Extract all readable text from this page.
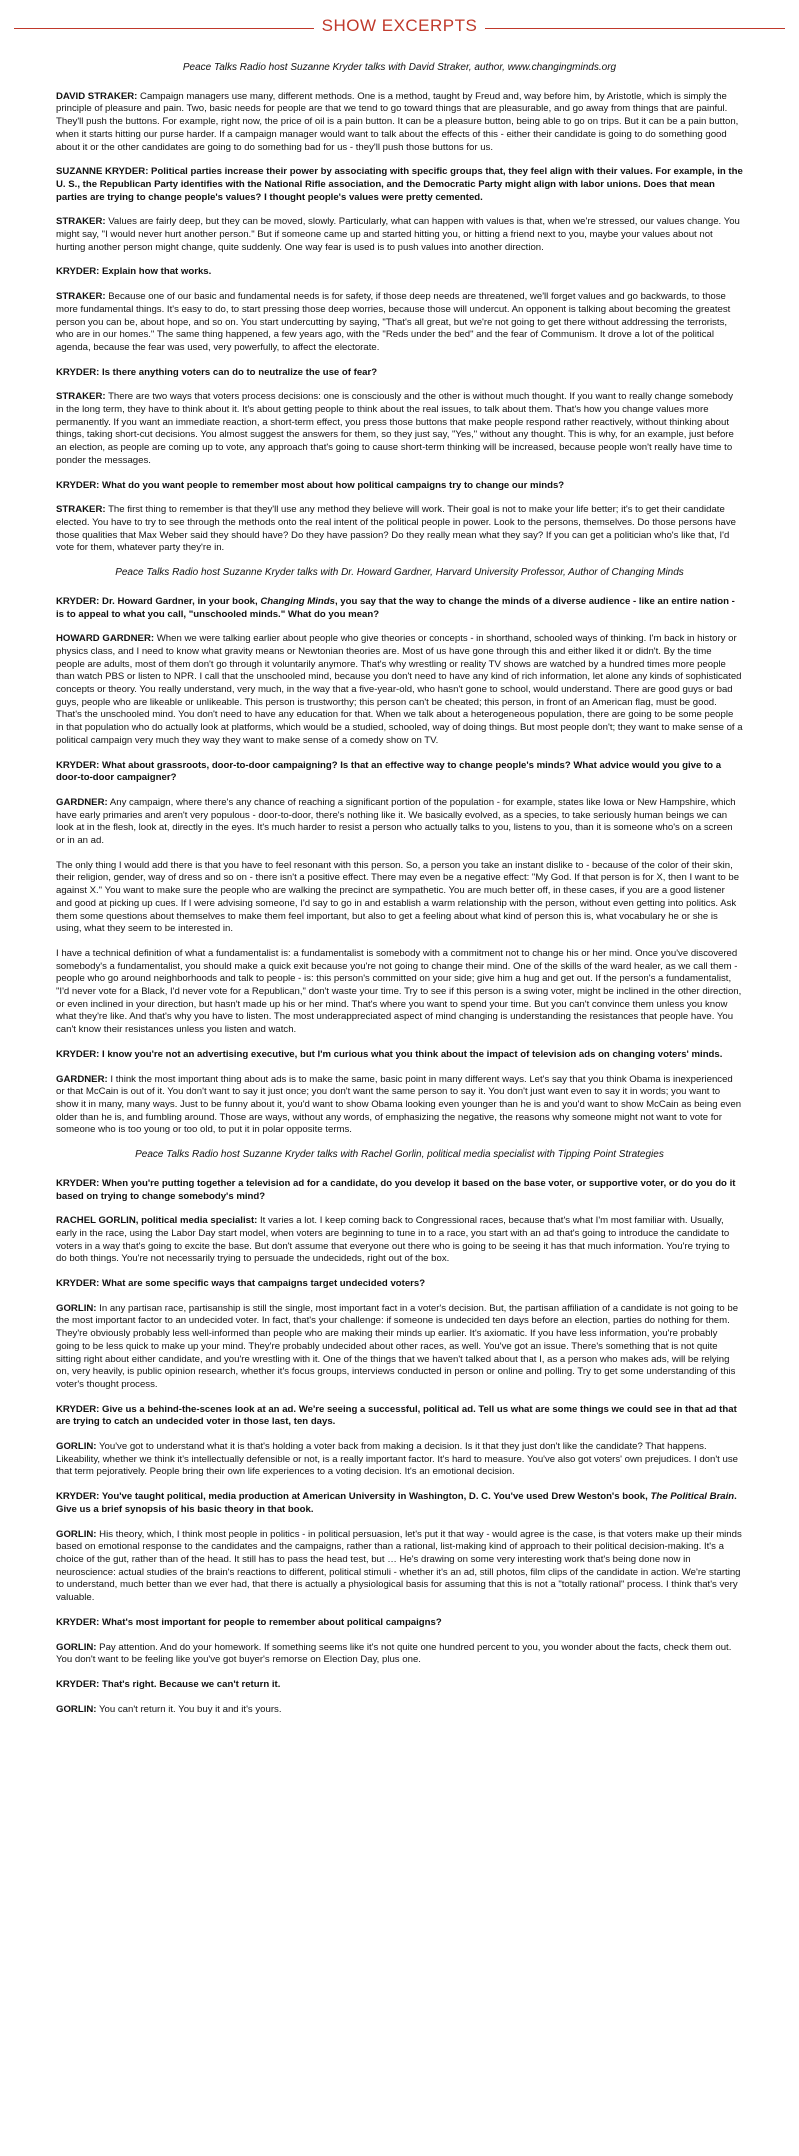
SHOW EXCERPTS
Peace Talks Radio host Suzanne Kryder talks with David Straker, author, www.changingminds.org

DAVID STRAKER: Campaign managers use many, different methods. One is a method, taught by Freud and, way before him, by Aristotle, which is simply the principle of pleasure and pain. Two, basic needs for people are that we tend to go toward things that are pleasurable, and go away from things that are painful. They'll push the buttons. For example, right now, the price of oil is a pain button. It can be a pleasure button, being able to go on trips. But it can be a pain button, when it starts hitting our purse harder. If a campaign manager would want to talk about the effects of this - either their candidate is going to do something good about it or the other candidates are going to do something bad for us - they'll push those buttons for us.

SUZANNE KRYDER: Political parties increase their power by associating with specific groups that, they feel align with their values. For example, in the U. S., the Republican Party identifies with the National Rifle association, and the Democratic Party might align with labor unions. Does that mean parties are trying to change people's values? I thought people's values were pretty cemented.

STRAKER: Values are fairly deep, but they can be moved, slowly. Particularly, what can happen with values is that, when we're stressed, our values change. You might say, "I would never hurt another person." But if someone came up and started hitting you, or hitting a friend next to you, maybe your values about not hurting another person might change, quite suddenly. One way fear is used is to push values into another direction.

KRYDER: Explain how that works.

STRAKER: Because one of our basic and fundamental needs is for safety, if those deep needs are threatened, we'll forget values and go backwards, to those more fundamental things. It's easy to do, to start pressing those deep worries, because those will undercut. An opponent is talking about becoming the greatest person you can be, about hope, and so on. You start undercutting by saying, "That's all great, but we're not going to get there without addressing the terrorists, who are in our homes." The same thing happened, a few years ago, with the "Reds under the bed" and the fear of Communism. It drove a lot of the political agenda, because the fear was used, very powerfully, to affect the electorate.

KRYDER: Is there anything voters can do to neutralize the use of fear?

STRAKER: There are two ways that voters process decisions: one is consciously and the other is without much thought. If you want to really change somebody in the long term, they have to think about it. It's about getting people to think about the real issues, to talk about them. That's how you change values more permanently. If you want an immediate reaction, a short-term effect, you press those buttons that make people respond rather reactively, without thinking about things, taking short-cut decisions. You almost suggest the answers for them, so they just say, "Yes," without any thought. This is why, for an example, just before an election, as people are coming up to vote, any approach that's going to cause short-term thinking will be increased, because people won't really have time to ponder the messages.

KRYDER: What do you want people to remember most about how political campaigns try to change our minds?

STRAKER: The first thing to remember is that they'll use any method they believe will work. Their goal is not to make your life better; it's to get their candidate elected. You have to try to see through the methods onto the real intent of the political people in power. Look to the persons, themselves. Do those persons have those qualities that Max Weber said they should have? Do they have passion? Do they really mean what they say? If you can get a politician who's like that, I'd vote for them, whatever party they're in.

Peace Talks Radio host Suzanne Kryder talks with Dr. Howard Gardner, Harvard University Professor, Author of Changing Minds

KRYDER: Dr. Howard Gardner, in your book, Changing Minds, you say that the way to change the minds of a diverse audience - like an entire nation - is to appeal to what you call, "unschooled minds." What do you mean?

HOWARD GARDNER: When we were talking earlier about people who give theories or concepts - in shorthand, schooled ways of thinking. I'm back in history or physics class, and I need to know what gravity means or Newtonian theories are. Most of us have gone through this and either liked it or didn't. By the time people are adults, most of them don't go through it voluntarily anymore. That's why wrestling or reality TV shows are watched by a hundred times more people than watch PBS or listen to NPR. I call that the unschooled mind, because you don't need to have any kind of rich information, let alone any kinds of sophisticated concepts or theory. You really understand, very much, in the way that a five-year-old, who hasn't gone to school, would understand. There are good guys or bad guys, people who are likeable or unlikeable. This person is trustworthy; this person can't be cheated; this person, in front of an American flag, must be good. That's the unschooled mind. You don't need to have any education for that. When we talk about a heterogeneous population, there are going to be some people in that population who do actually look at platforms, which would be a studied, schooled, way of doing things. But most people don't; they want to make sense of a political campaign very much they way they want to make sense of a comedy show on TV.

KRYDER: What about grassroots, door-to-door campaigning? Is that an effective way to change people's minds? What advice would you give to a door-to-door campaigner?

GARDNER: Any campaign, where there's any chance of reaching a significant portion of the population - for example, states like Iowa or New Hampshire, which have early primaries and aren't very populous - door-to-door, there's nothing like it. We basically evolved, as a species, to take seriously human beings we can look at in the flesh, look at, directly in the eyes. It's much harder to resist a person who actually talks to you, listens to you, than it is someone who's on a screen or in an ad.

The only thing I would add there is that you have to feel resonant with this person. So, a person you take an instant dislike to - because of the color of their skin, their religion, gender, way of dress and so on - there isn't a positive effect. There may even be a negative effect: "My God. If that person is for X, then I want to be against X." You want to make sure the people who are walking the precinct are sympathetic. You are much better off, in these cases, if you are a good listener and good at picking up cues. If I were advising someone, I'd say to go in and establish a warm relationship with the person, without even getting into politics. Ask them some questions about themselves to make them feel important, but also to get a feeling about what kind of person this is, what vocabulary he or she is using, what they seem to be interested in.

I have a technical definition of what a fundamentalist is: a fundamentalist is somebody with a commitment not to change his or her mind. Once you've discovered somebody's a fundamentalist, you should make a quick exit because you're not going to change their mind. One of the skills of the ward healer, as we call them - people who go around neighborhoods and talk to people - is: this person's committed on your side; give him a hug and get out. If the person's a fundamentalist, "I'd never vote for a Black, I'd never vote for a Republican," don't waste your time. Try to see if this person is a swing voter, might be inclined in the other direction, or even inclined in your direction, but hasn't made up his or her mind. That's where you want to spend your time. But you can't convince them unless you know what they're like. And that's why you have to listen. The most underappreciated aspect of mind changing is understanding the resistances that people have. You can't know their resistances unless you listen and watch.

KRYDER: I know you're not an advertising executive, but I'm curious what you think about the impact of television ads on changing voters' minds.

GARDNER: I think the most important thing about ads is to make the same, basic point in many different ways. Let's say that you think Obama is inexperienced or that McCain is out of it. You don't want to say it just once; you don't want the same person to say it. You don't just want even to say it in words; you want to show it in many, many ways. Just to be funny about it, you'd want to show Obama looking even younger than he is and you'd want to show McCain as being even older than he is, and fumbling around. Those are ways, without any words, of emphasizing the negative, the reasons why someone might not want to vote for someone who is too young or too old, to put it in polar opposite terms.

Peace Talks Radio host Suzanne Kryder talks with Rachel Gorlin, political media specialist with Tipping Point Strategies

KRYDER: When you're putting together a television ad for a candidate, do you develop it based on the base voter, or supportive voter, or do you do it based on trying to change somebody's mind?

RACHEL GORLIN, political media specialist: It varies a lot. I keep coming back to Congressional races, because that's what I'm most familiar with. Usually, early in the race, using the Labor Day start model, when voters are beginning to tune in to a race, you start with an ad that's going to introduce the candidate to voters in a way that's going to excite the base. But don't assume that everyone out there who is going to be seeing it has that much information. You're trying to do both things. You're not necessarily trying to persuade the undecideds, right out of the box.

KRYDER: What are some specific ways that campaigns target undecided voters?

GORLIN: In any partisan race, partisanship is still the single, most important fact in a voter's decision. But, the partisan affiliation of a candidate is not going to be the most important factor to an undecided voter. In fact, that's your challenge: if someone is undecided ten days before an election, parties do nothing for them. They're obviously probably less well-informed than people who are making their minds up earlier. It's axiomatic. If you have less information, you're probably going to be less quick to make up your mind. They're probably undecided about other races, as well. You've got an issue. There's something that is not quite sitting right about either candidate, and you're wrestling with it. One of the things that we haven't talked about that I, as a person who makes ads, will be relying on, very heavily, is public opinion research, whether it's focus groups, interviews conducted in person or online and polling. Try to get some understanding of this voter's thought process.

KRYDER: Give us a behind-the-scenes look at an ad. We're seeing a successful, political ad. Tell us what are some things we could see in that ad that are trying to catch an undecided voter in those last, ten days.

GORLIN: You've got to understand what it is that's holding a voter back from making a decision. Is it that they just don't like the candidate? That happens. Likeability, whether we think it's intellectually defensible or not, is a really important factor. It's hard to measure. You've also got voters' own prejudices. I don't use that term pejoratively. People bring their own life experiences to a voting decision. It's an emotional decision.

KRYDER: You've taught political, media production at American University in Washington, D. C. You've used Drew Weston's book, The Political Brain. Give us a brief synopsis of his basic theory in that book.

GORLIN: His theory, which, I think most people in politics - in political persuasion, let's put it that way - would agree is the case, is that voters make up their minds based on emotional response to the candidates and the campaigns, rather than a rational, list-making kind of approach to their political decision-making. It's a choice of the gut, rather than of the head. It still has to pass the head test, but … He's drawing on some very interesting work that's being done now in neuroscience: actual studies of the brain's reactions to different, political stimuli - whether it's an ad, still photos, film clips of the candidate in action. We're starting to understand, much better than we ever had, that there is actually a physiological basis for assuming that this is not a "totally rational" process. I think that's very valuable.

KRYDER: What's most important for people to remember about political campaigns?

GORLIN: Pay attention. And do your homework. If something seems like it's not quite one hundred percent to you, you wonder about the facts, check them out. You don't want to be feeling like you've got buyer's remorse on Election Day, plus one.

KRYDER: That's right. Because we can't return it.

GORLIN: You can't return it. You buy it and it's yours.
